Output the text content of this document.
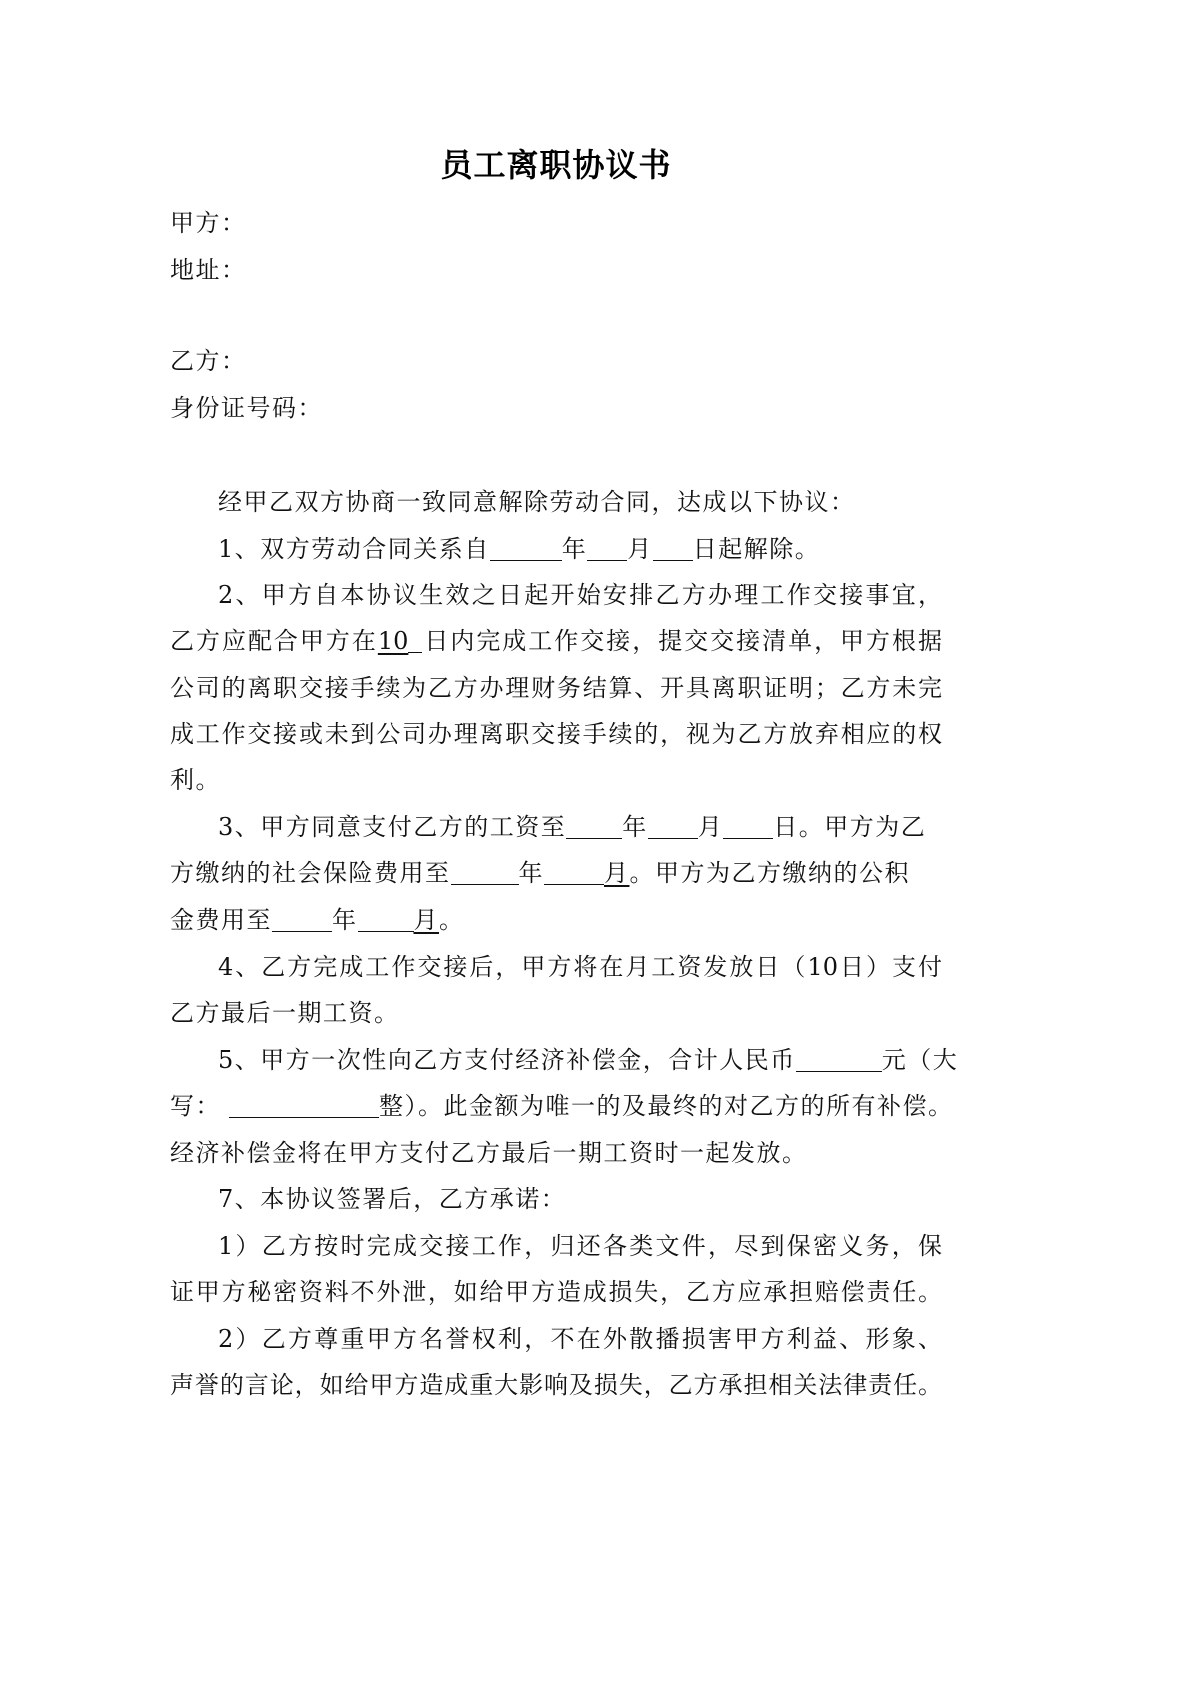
员工离职协议书
甲方：
地址：
乙方：
身份证号码：
经甲乙双方协商一致同意解除劳动合同，达成以下协议：
1、双方劳动合同关系自	年 月 日起解除。
2、甲方自本协议生效之日起开始安排乙方办理工作交接事宜，
乙方应配合甲方在10 日内完成工作交接，提交交接清单，甲方根据
公司的离职交接手续为乙方办理财务结算、开具离职证明；乙方未完
成工作交接或未到公司办理离职交接手续的，视为乙方放弃相应的权
利。
3、甲方同意支付乙方的工资至 年 月 日。甲方为乙
方缴纳的社会保险费用至	年	月。甲方为乙方缴纳的公积
金费用至	年 月。
4、乙方完成工作交接后，甲方将在月工资发放日（10日）支付
乙方最后一期工资。
5、甲方一次性向乙方支付经济补偿金，合计人民币	元（大
写：	整）。此金额为唯一的及最终的对乙方的所有补偿。
经济补偿金将在甲方支付乙方最后一期工资时一起发放。
7、本协议签署后，乙方承诺：
1）乙方按时完成交接工作，归还各类文件，尽到保密义务，保
证甲方秘密资料不外泄，如给甲方造成损失，乙方应承担赔偿责任。
2）乙方尊重甲方名誉权利，不在外散播损害甲方利益、形象、
声誉的言论，如给甲方造成重大影响及损失，乙方承担相关法律责任。
